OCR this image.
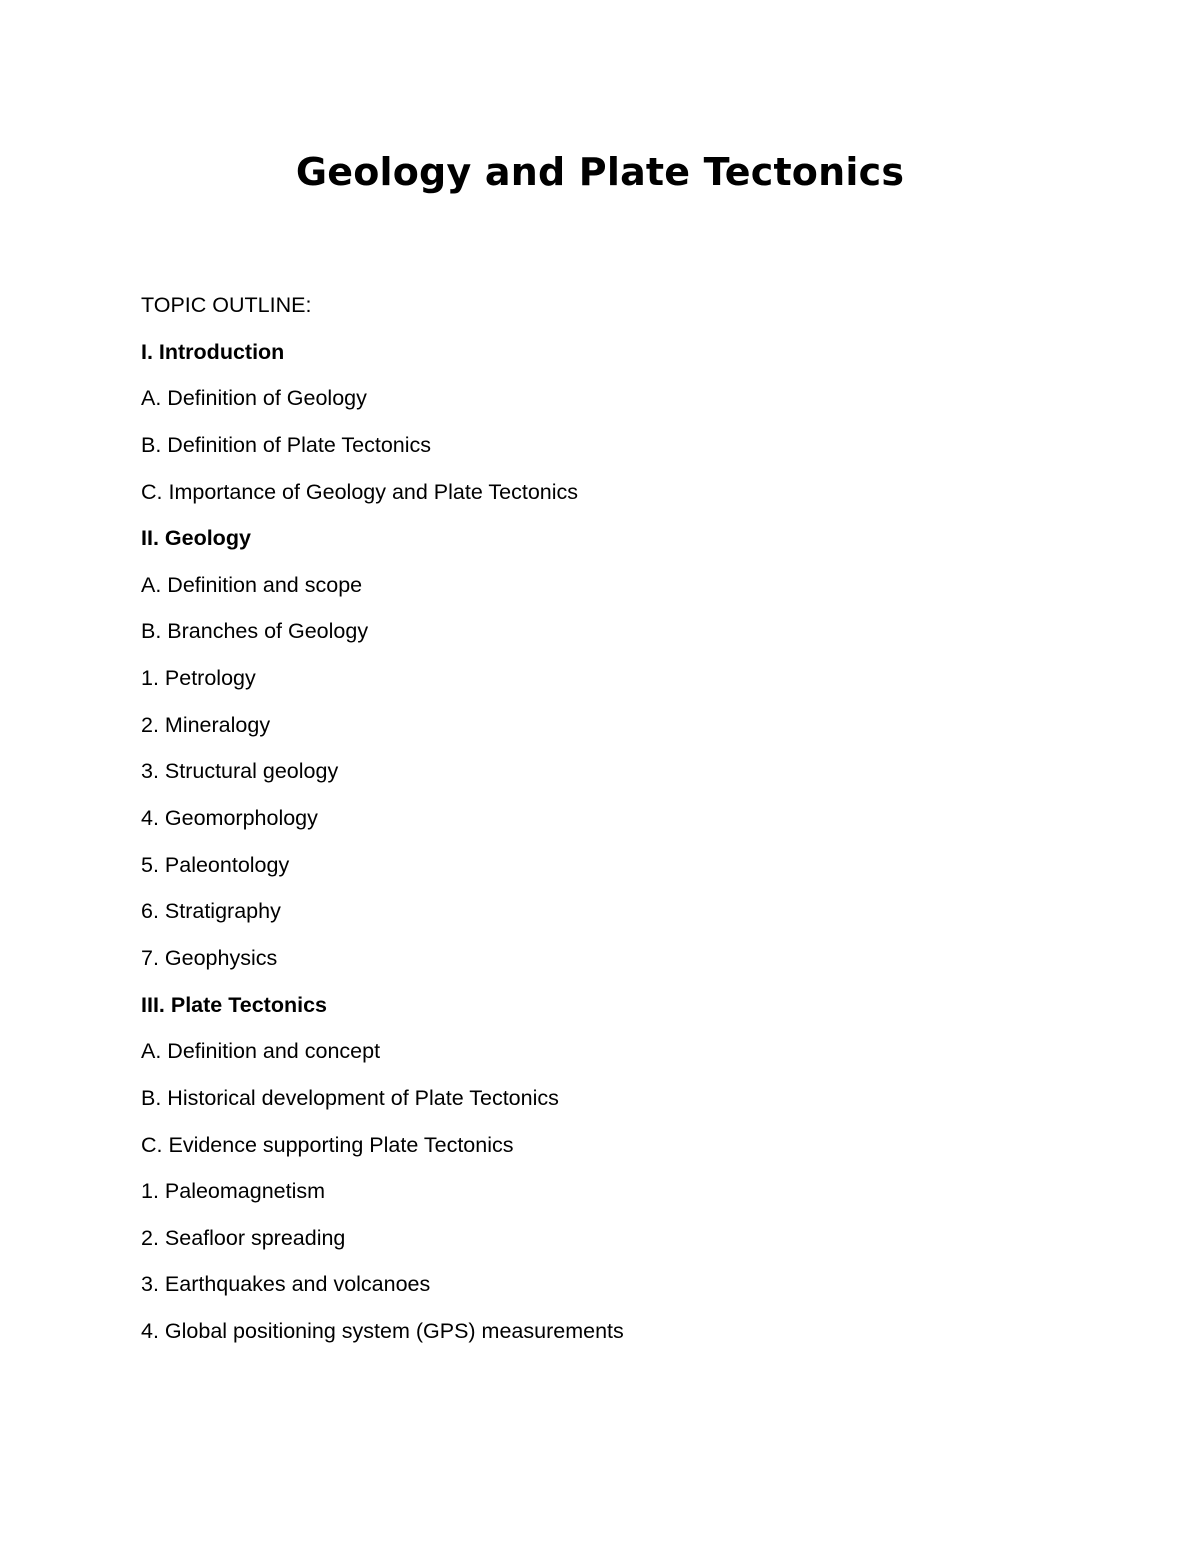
Geology and Plate Tectonics
TOPIC OUTLINE:
I. Introduction
A. Definition of Geology
B. Definition of Plate Tectonics
C. Importance of Geology and Plate Tectonics
II. Geology
A. Definition and scope
B. Branches of Geology
1. Petrology
2. Mineralogy
3. Structural geology
4. Geomorphology
5. Paleontology
6. Stratigraphy
7. Geophysics
III. Plate Tectonics
A. Definition and concept
B. Historical development of Plate Tectonics
C. Evidence supporting Plate Tectonics
1. Paleomagnetism
2. Seafloor spreading
3. Earthquakes and volcanoes
4. Global positioning system (GPS) measurements
